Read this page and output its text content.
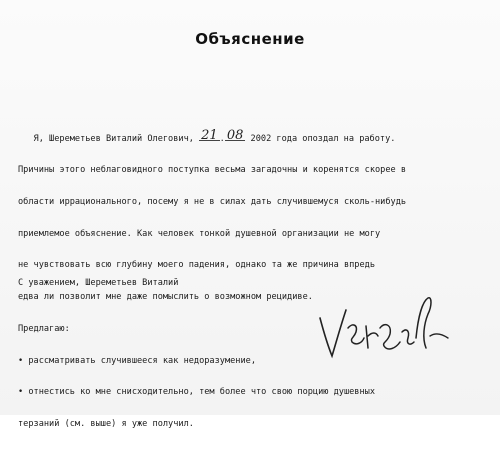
Объяснение

Я, Шереметьев Виталий Олегович, 21 . 08 2002 года опоздал на работу.

Причины этого неблаговидного поступка весьма загадочны и коренятся скорее в

области иррационального, посему я не в силах дать случившемуся сколь-нибудь

приемлемое объяснение. Как человек тонкой душевной организации не могу

не чувствовать всю глубину моего падения, однако та же причина впредь

едва ли позволит мне даже помыслить о возможном рецидиве.

Предлагаю:

• рассматривать случившееся как недоразумение,

• отнестись ко мне снисходительно, тем более что свою порцию душевных

терзаний (см. выше) я уже получил.

С уважением, Шереметьев Виталий
